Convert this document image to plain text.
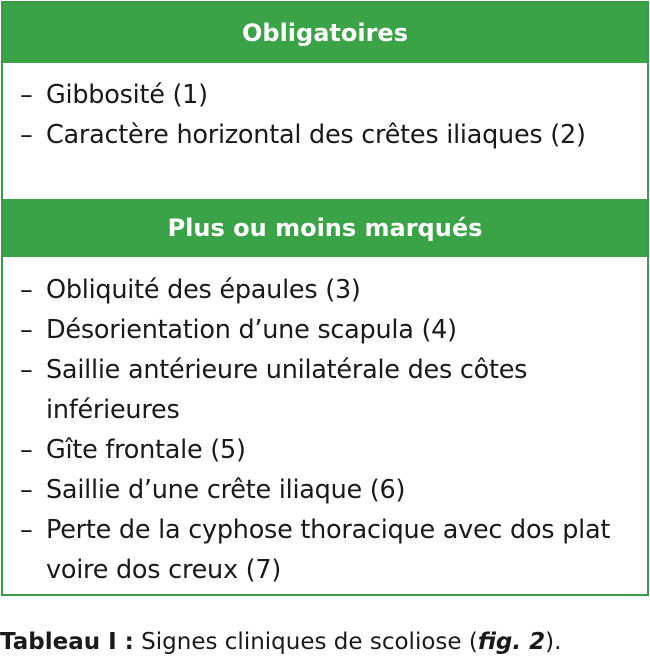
Obligatoires
– Gibbosité (1)
– Caractère horizontal des crêtes iliaques (2)
Plus ou moins marqués
– Obliquité des épaules (3)
– Désorientation d’une scapula (4)
– Saillie antérieure unilatérale des côtes inférieures
– Gîte frontale (5)
– Saillie d’une crête iliaque (6)
– Perte de la cyphose thoracique avec dos plat voire dos creux (7)
Tableau I : Signes cliniques de scoliose (fig. 2).
